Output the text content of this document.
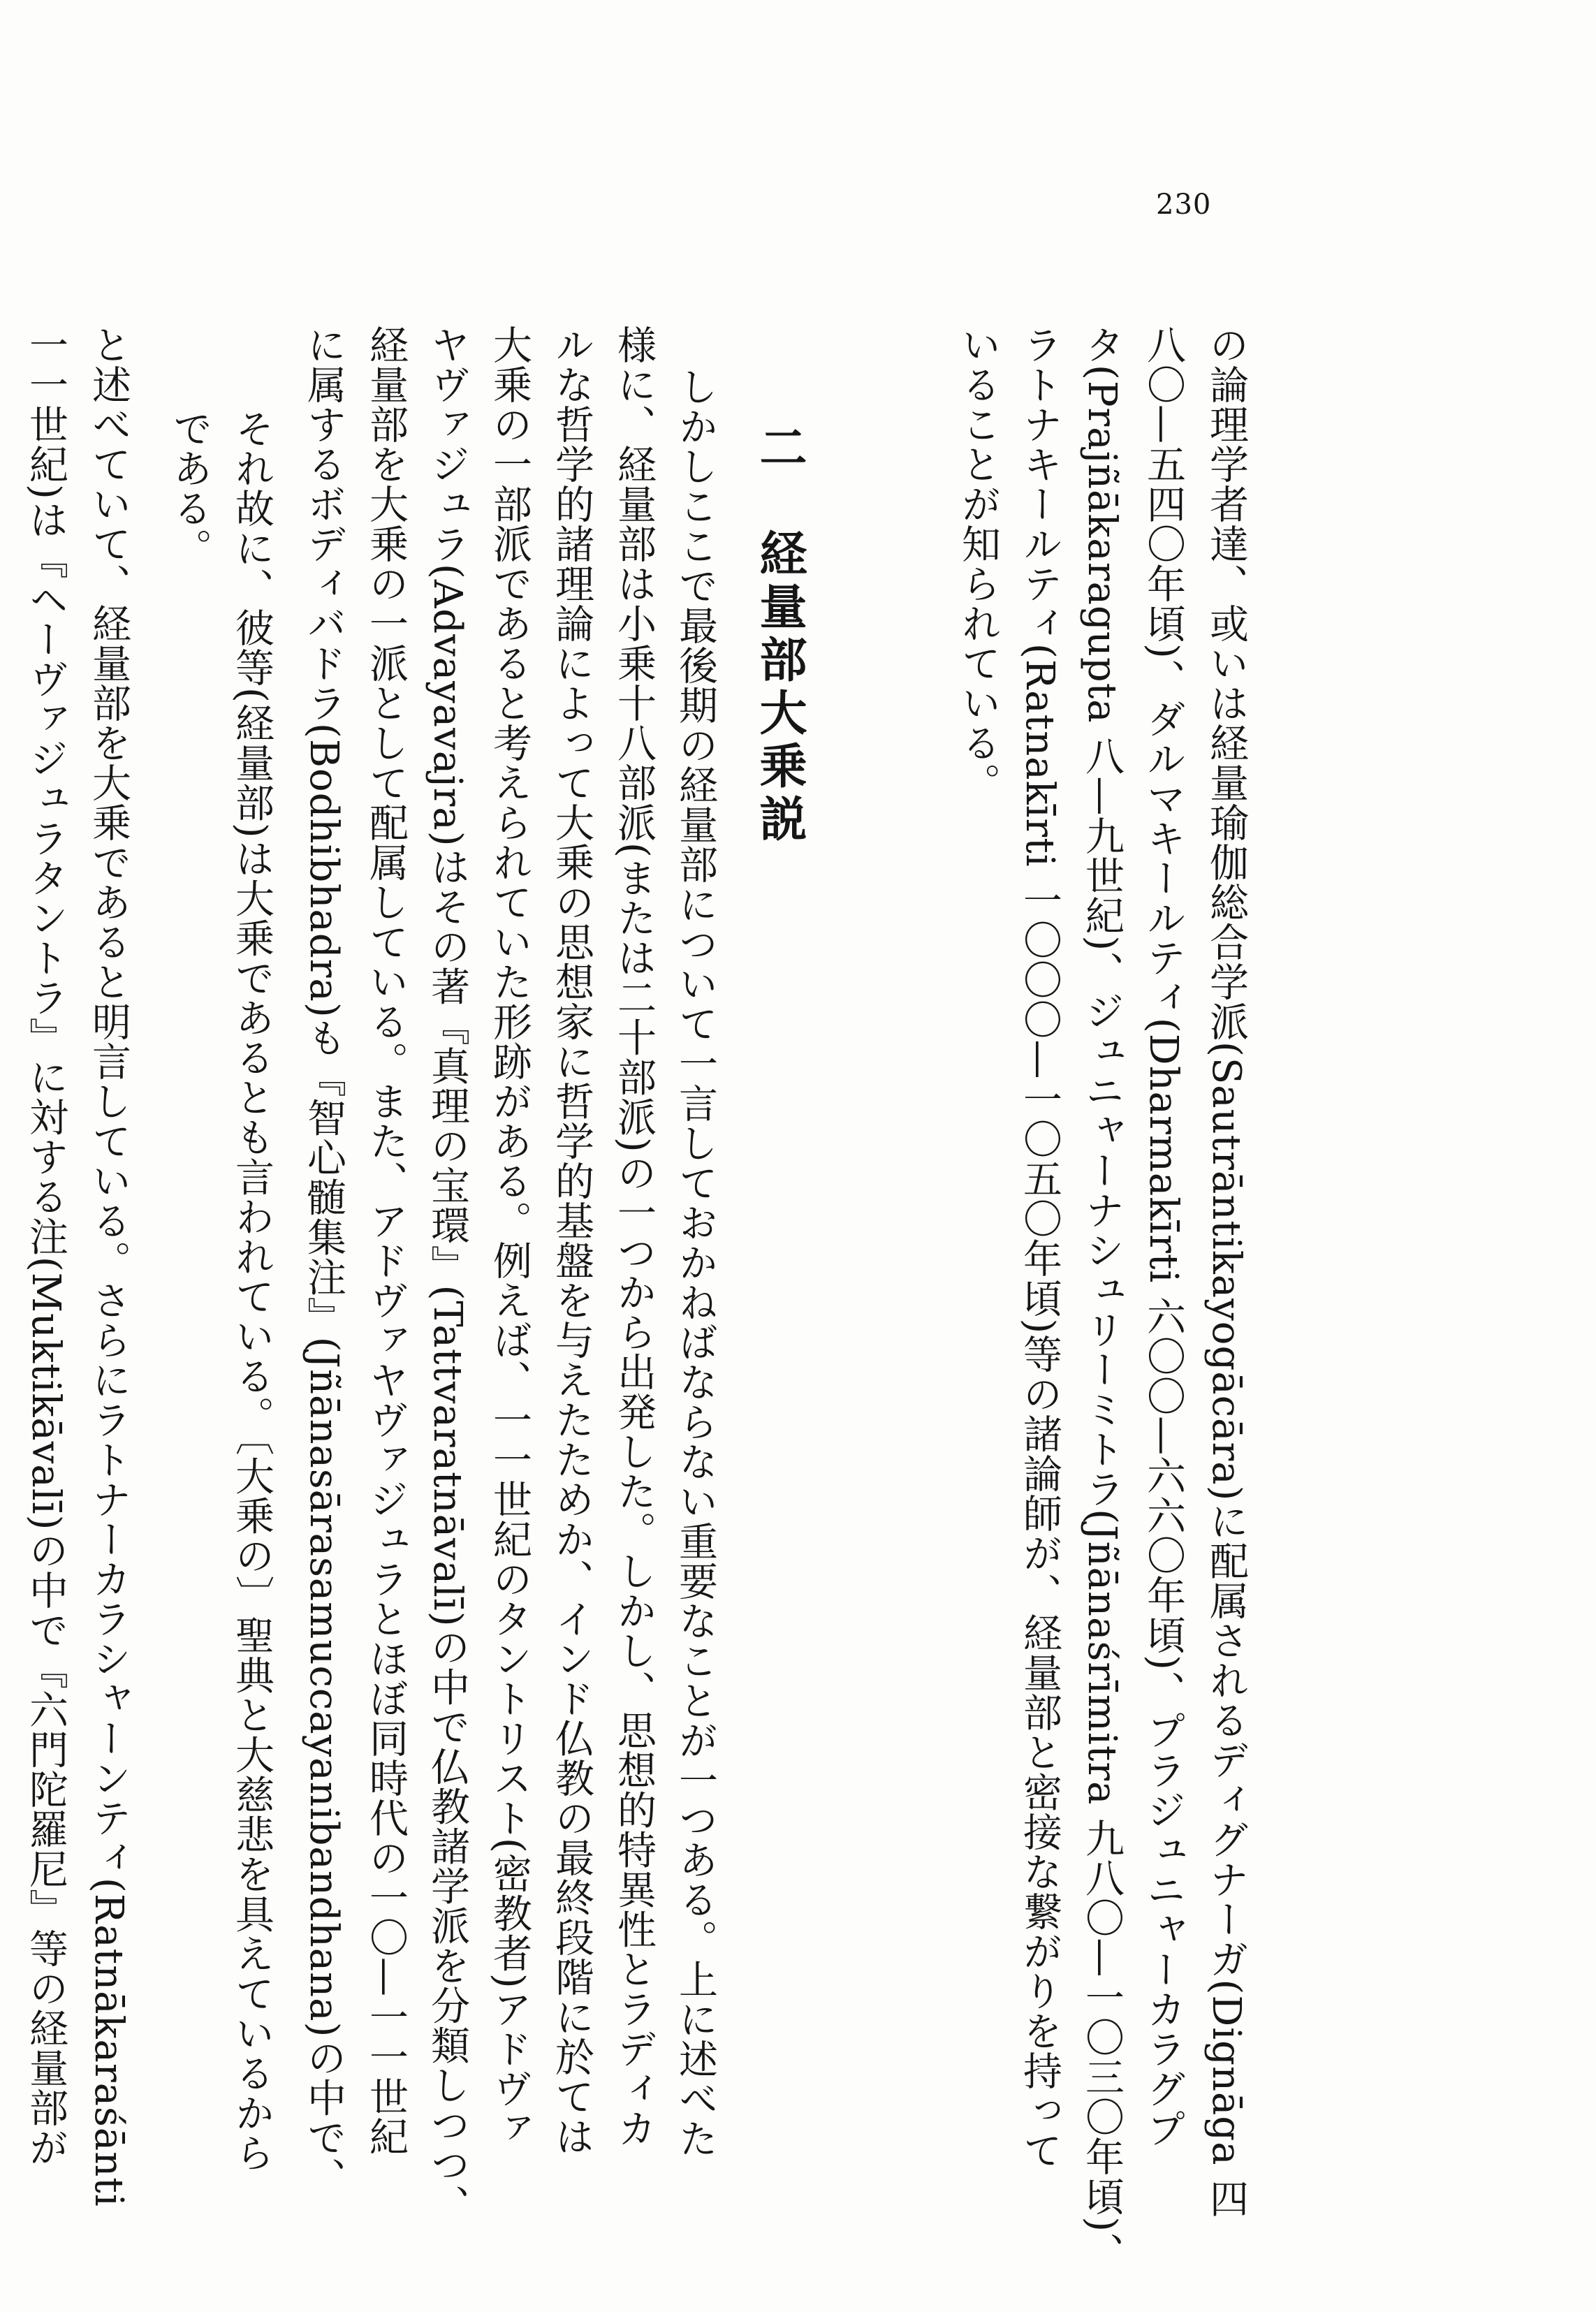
230
の論理学者達、或いは経量瑜伽総合学派(Sautrāntikayogācāra)に配属されるディグナーガ(Dignāga 四
八〇—五四〇年頃)、ダルマキールティ(Dharmakīrti 六〇〇—六六〇年頃)、プラジュニャーカラグプ
タ(Prajñākaragupta 八—九世紀)、ジュニャーナシュリーミトラ(Jñānaśrīmitra 九八〇—一〇三〇年頃)、
ラトナキールティ(Ratnakīrti 一〇〇〇—一〇五〇年頃)等の諸論師が、経量部と密接な繋がりを持って
いることが知られている。
二　経量部大乗説
しかしここで最後期の経量部について一言しておかねばならない重要なことが一つある。上に述べた
様に、経量部は小乗十八部派(または二十部派)の一つから出発した。しかし、思想的特異性とラディカ
ルな哲学的諸理論によって大乗の思想家に哲学的基盤を与えたためか、インド仏教の最終段階に於ては
大乗の一部派であると考えられていた形跡がある。例えば、一一世紀のタントリスト(密教者)アドヴァ
ヤヴァジュラ(Advayavajra)はその著『真理の宝環』(Tattvaratnāvalī)の中で仏教諸学派を分類しつつ、
経量部を大乗の一派として配属している。また、アドヴァヤヴァジュラとほぼ同時代の一〇—一一世紀
に属するボディバドラ(Bodhibhadra)も『智心髄集注』(Jñānasārasamuccayanibandhana)の中で、
それ故に、彼等(経量部)は大乗であるとも言われている。〔大乗の〕聖典と大慈悲を具えているから
である。
と述べていて、経量部を大乗であると明言している。さらにラトナーカラシャーンティ(Ratnākaraśānti
一一世紀)は『ヘーヴァジュラタントラ』に対する注(Muktikāvalī)の中で『六門陀羅尼』等の経量部が
